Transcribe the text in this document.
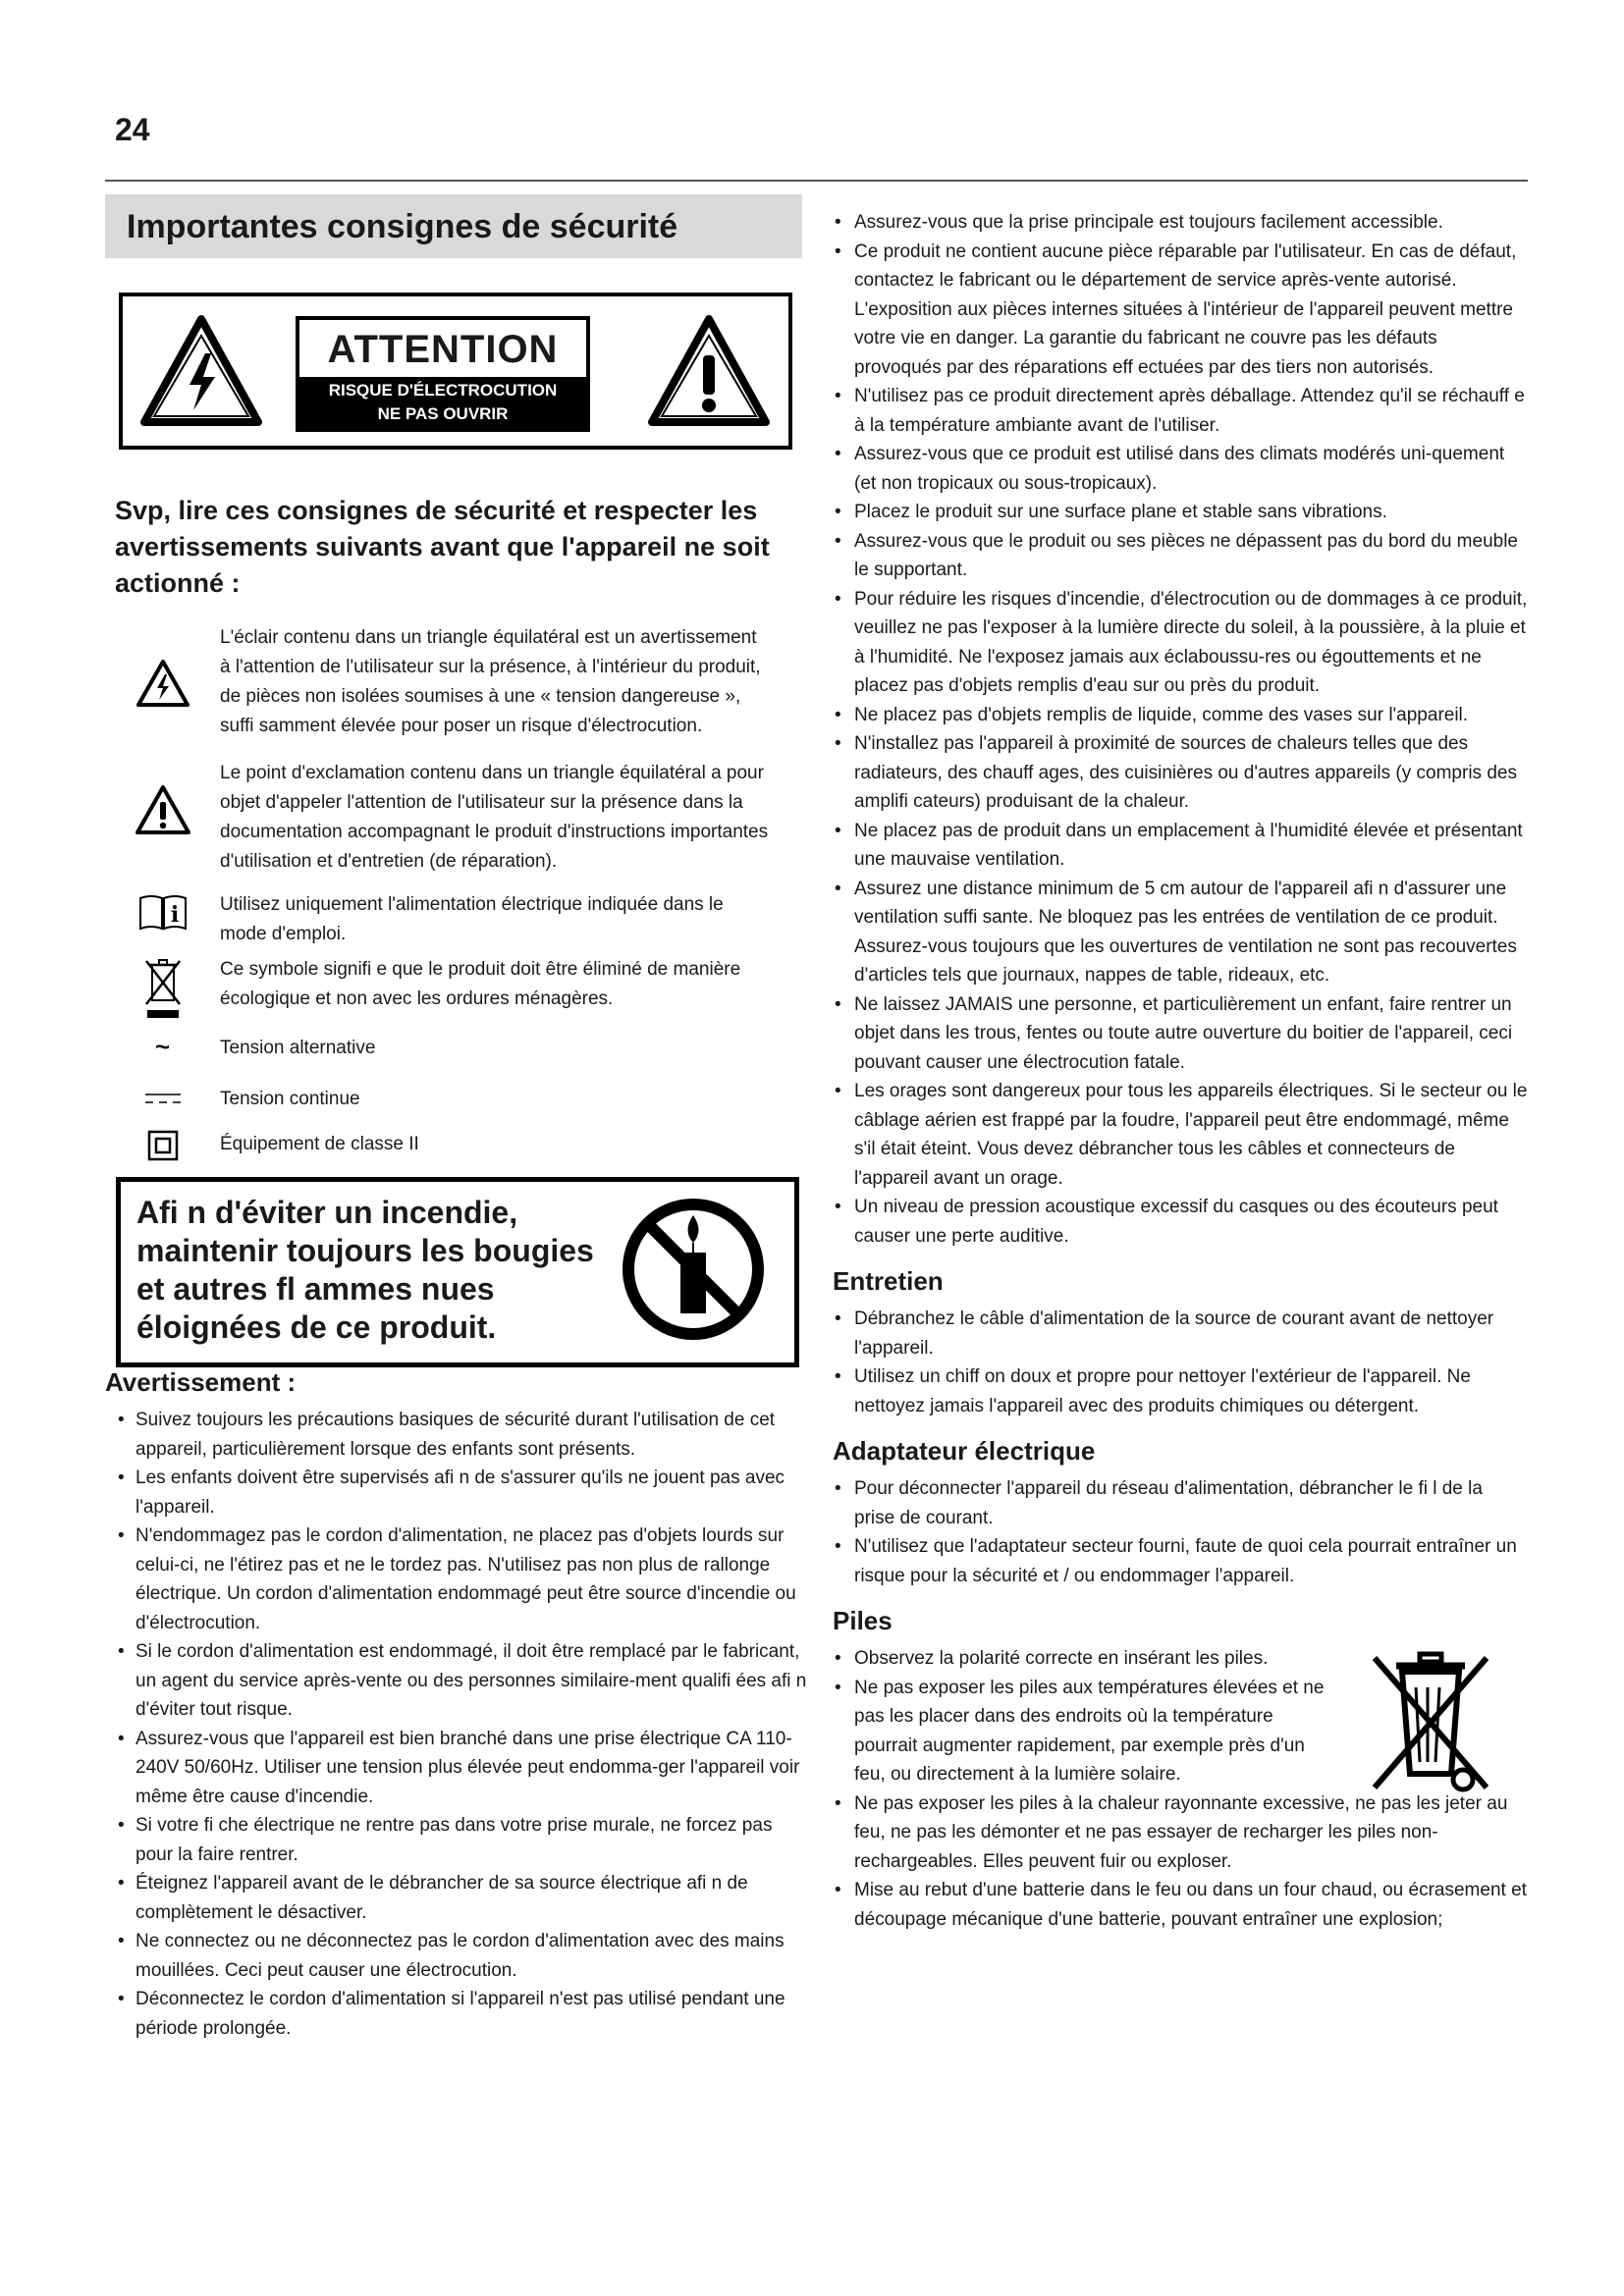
24
Importantes consignes de sécurité
ATTENTION
RISQUE D'ÉLECTROCUTION
NE PAS OUVRIR
Svp, lire ces consignes de sécurité et respecter les avertissements suivants avant que l'appareil ne soit actionné :
L'éclair contenu dans un triangle équilatéral est un avertissement à l'attention de l'utilisateur sur la présence, à l'intérieur du produit, de pièces non isolées soumises à une « tension dangereuse », suffi samment élevée pour poser un risque d'électrocution.
Le point d'exclamation contenu dans un triangle équilatéral a pour objet d'appeler l'attention de l'utilisateur sur la présence dans la documentation accompagnant le produit d'instructions importantes d'utilisation et d'entretien (de réparation).
i Utilisez uniquement l'alimentation électrique indiquée dans le mode d'emploi.
Ce symbole signifi e que le produit doit être éliminé de manière écologique et non avec les ordures ménagères.
~	Tension alternative
Tension continue
Équipement de classe II
Afi n d'éviter un incendie, maintenir toujours les bougies et autres fl ammes nues éloignées de ce produit.
Avertissement :
• Suivez toujours les précautions basiques de sécurité durant l'utilisation de cet appareil, particulièrement lorsque des enfants sont présents.
• Les enfants doivent être supervisés afi n de s'assurer qu'ils ne jouent pas avec l'appareil.
• N'endommagez pas le cordon d'alimentation, ne placez pas d'objets lourds sur celui-ci, ne l'étirez pas et ne le tordez pas. N'utilisez pas non plus de rallonge électrique. Un cordon d'alimentation endommagé peut être source d'incendie ou d'électrocution.
• Si le cordon d'alimentation est endommagé, il doit être remplacé par le fabricant, un agent du service après-vente ou des personnes similaire-ment qualifi ées afi n d'éviter tout risque.
• Assurez-vous que l'appareil est bien branché dans une prise électrique CA 110-240V 50/60Hz. Utiliser une tension plus élevée peut endomma-ger l'appareil voir même être cause d'incendie.
• Si votre fi che électrique ne rentre pas dans votre prise murale, ne forcez pas pour la faire rentrer.
• Éteignez l'appareil avant de le débrancher de sa source électrique afi n de complètement le désactiver.
• Ne connectez ou ne déconnectez pas le cordon d'alimentation avec des mains mouillées. Ceci peut causer une électrocution.
• Déconnectez le cordon d'alimentation si l'appareil n'est pas utilisé pendant une période prolongée.
• Assurez-vous que la prise principale est toujours facilement accessible.
• Ce produit ne contient aucune pièce réparable par l'utilisateur. En cas de défaut, contactez le fabricant ou le département de service après-vente autorisé. L'exposition aux pièces internes situées à l'intérieur de l'appareil peuvent mettre votre vie en danger. La garantie du fabricant ne couvre pas les défauts provoqués par des réparations eff ectuées par des tiers non autorisés.
• N'utilisez pas ce produit directement après déballage. Attendez qu'il se réchauff e à la température ambiante avant de l'utiliser.
• Assurez-vous que ce produit est utilisé dans des climats modérés uni-quement (et non tropicaux ou sous-tropicaux).
• Placez le produit sur une surface plane et stable sans vibrations.
• Assurez-vous que le produit ou ses pièces ne dépassent pas du bord du meuble le supportant.
• Pour réduire les risques d'incendie, d'électrocution ou de dommages à ce produit, veuillez ne pas l'exposer à la lumière directe du soleil, à la poussière, à la pluie et à l'humidité. Ne l'exposez jamais aux éclaboussu-res ou égouttements et ne placez pas d'objets remplis d'eau sur ou près du produit.
• Ne placez pas d'objets remplis de liquide, comme des vases sur l'appareil.
• N'installez pas l'appareil à proximité de sources de chaleurs telles que des radiateurs, des chauff ages, des cuisinières ou d'autres appareils (y compris des amplifi cateurs) produisant de la chaleur.
• Ne placez pas de produit dans un emplacement à l'humidité élevée et présentant une mauvaise ventilation.
• Assurez une distance minimum de 5 cm autour de l'appareil afi n d'assurer une ventilation suffi sante. Ne bloquez pas les entrées de ventilation de ce produit. Assurez-vous toujours que les ouvertures de ventilation ne sont pas recouvertes d'articles tels que journaux, nappes de table, rideaux, etc.
• Ne laissez JAMAIS une personne, et particulièrement un enfant, faire rentrer un objet dans les trous, fentes ou toute autre ouverture du boitier de l'appareil, ceci pouvant causer une électrocution fatale.
• Les orages sont dangereux pour tous les appareils électriques. Si le secteur ou le câblage aérien est frappé par la foudre, l'appareil peut être endommagé, même s'il était éteint. Vous devez débrancher tous les câbles et connecteurs de l'appareil avant un orage.
• Un niveau de pression acoustique excessif du casques ou des écouteurs peut causer une perte auditive.
Entretien
• Débranchez le câble d'alimentation de la source de courant avant de nettoyer l'appareil.
• Utilisez un chiff on doux et propre pour nettoyer l'extérieur de l'appareil. Ne nettoyez jamais l'appareil avec des produits chimiques ou détergent.
Adaptateur électrique
• Pour déconnecter l'appareil du réseau d'alimentation, débrancher le fi l de la prise de courant.
• N'utilisez que l'adaptateur secteur fourni, faute de quoi cela pourrait entraîner un risque pour la sécurité et / ou endommager l'appareil.
Piles
• Observez la polarité correcte en insérant les piles.
• Ne pas exposer les piles aux températures élevées et ne pas les placer dans des endroits où la température pourrait augmenter rapidement, par exemple près d'un feu, ou directement à la lumière solaire.
• Ne pas exposer les piles à la chaleur rayonnante excessive, ne pas les jeter au feu, ne pas les démonter et ne pas essayer de recharger les piles non-rechargeables. Elles peuvent fuir ou exploser.
• Mise au rebut d'une batterie dans le feu ou dans un four chaud, ou écrasement et découpage mécanique d'une batterie, pouvant entraîner une explosion;
